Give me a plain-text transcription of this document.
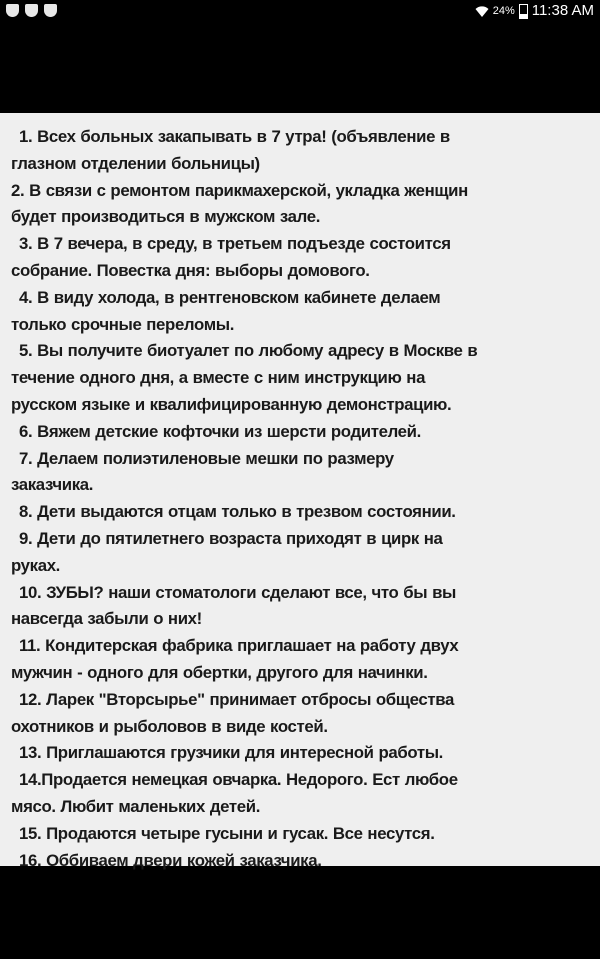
24% 11:38 AM
1. Всех больных закапывать в 7 утра! (объявление в
глазном отделении больницы)
2. В связи с ремонтом парикмахерской, укладка женщин
будет производиться в мужском зале.
3. В 7 вечера, в среду, в третьем подъезде состоится
собрание. Повестка дня: выборы домового.
4. В виду холода, в рентгеновском кабинете делаем
только срочные переломы.
5. Вы получите биотуалет по любому адресу в Москве в
течение одного дня, а вместе с ним инструкцию на
русском языке и квалифицированную демонстрацию.
6. Вяжем детские кофточки из шерсти родителей.
7. Делаем полиэтиленовые мешки по размеру
заказчика.
8. Дети выдаются отцам только в трезвом состоянии.
9. Дети до пятилетнего возраста приходят в цирк на
руках.
10. ЗУБЫ? наши стоматологи сделают все, что бы вы
навсегда забыли о них!
11. Кондитерская фабрика приглашает на работу двух
мужчин - одного для обертки, другого для начинки.
12. Ларек "Вторсырье" принимает отбросы общества
охотников и рыболовов в виде костей.
13. Приглашаются грузчики для интересной работы.
14.Продается немецкая овчарка. Недорого. Ест любое
мясо. Любит маленьких детей.
15. Продаются четыре гусыни и гусак. Все несутся.
16. Оббиваем двери кожей заказчика.
